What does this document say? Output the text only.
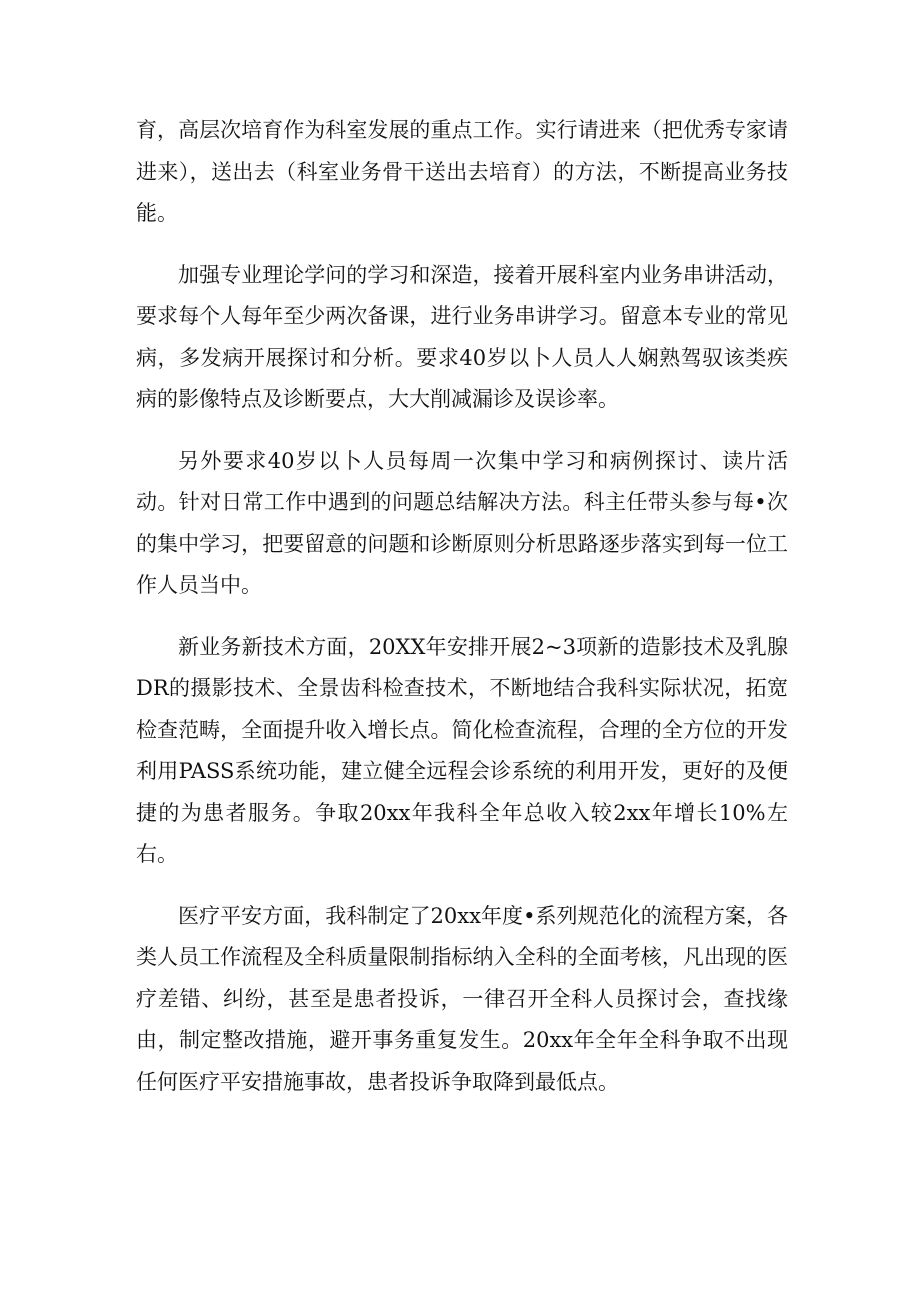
育，高层次培育作为科室发展的重点工作。实行请进来（把优秀专家请进来），送出去（科室业务骨干送出去培育）的方法，不断提高业务技能。

加强专业理论学问的学习和深造，接着开展科室内业务串讲活动，要求每个人每年至少两次备课，进行业务串讲学习。留意本专业的常见病，多发病开展探讨和分析。要求40岁以卜人员人人娴熟驾驭该类疾病的影像特点及诊断要点，大大削减漏诊及误诊率。

另外要求40岁以卜人员每周一次集中学习和病例探讨、读片活动。针对日常工作中遇到的问题总结解决方法。科主任带头参与每•次的集中学习，把要留意的问题和诊断原则分析思路逐步落实到每一位工作人员当中。

新业务新技术方面，20XX年安排开展2~3项新的造影技术及乳腺DR的摄影技术、全景齿科检查技术，不断地结合我科实际状况，拓宽检查范畴，全面提升收入增长点。简化检查流程，合理的全方位的开发利用PASS系统功能，建立健全远程会诊系统的利用开发，更好的及便捷的为患者服务。争取20xx年我科全年总收入较2xx年增长10%左右。

医疗平安方面，我科制定了20xx年度•系列规范化的流程方案，各类人员工作流程及全科质量限制指标纳入全科的全面考核，凡出现的医疗差错、纠纷，甚至是患者投诉，一律召开全科人员探讨会，查找缘由，制定整改措施，避开事务重复发生。20xx年全年全科争取不出现任何医疗平安措施事故，患者投诉争取降到最低点。
